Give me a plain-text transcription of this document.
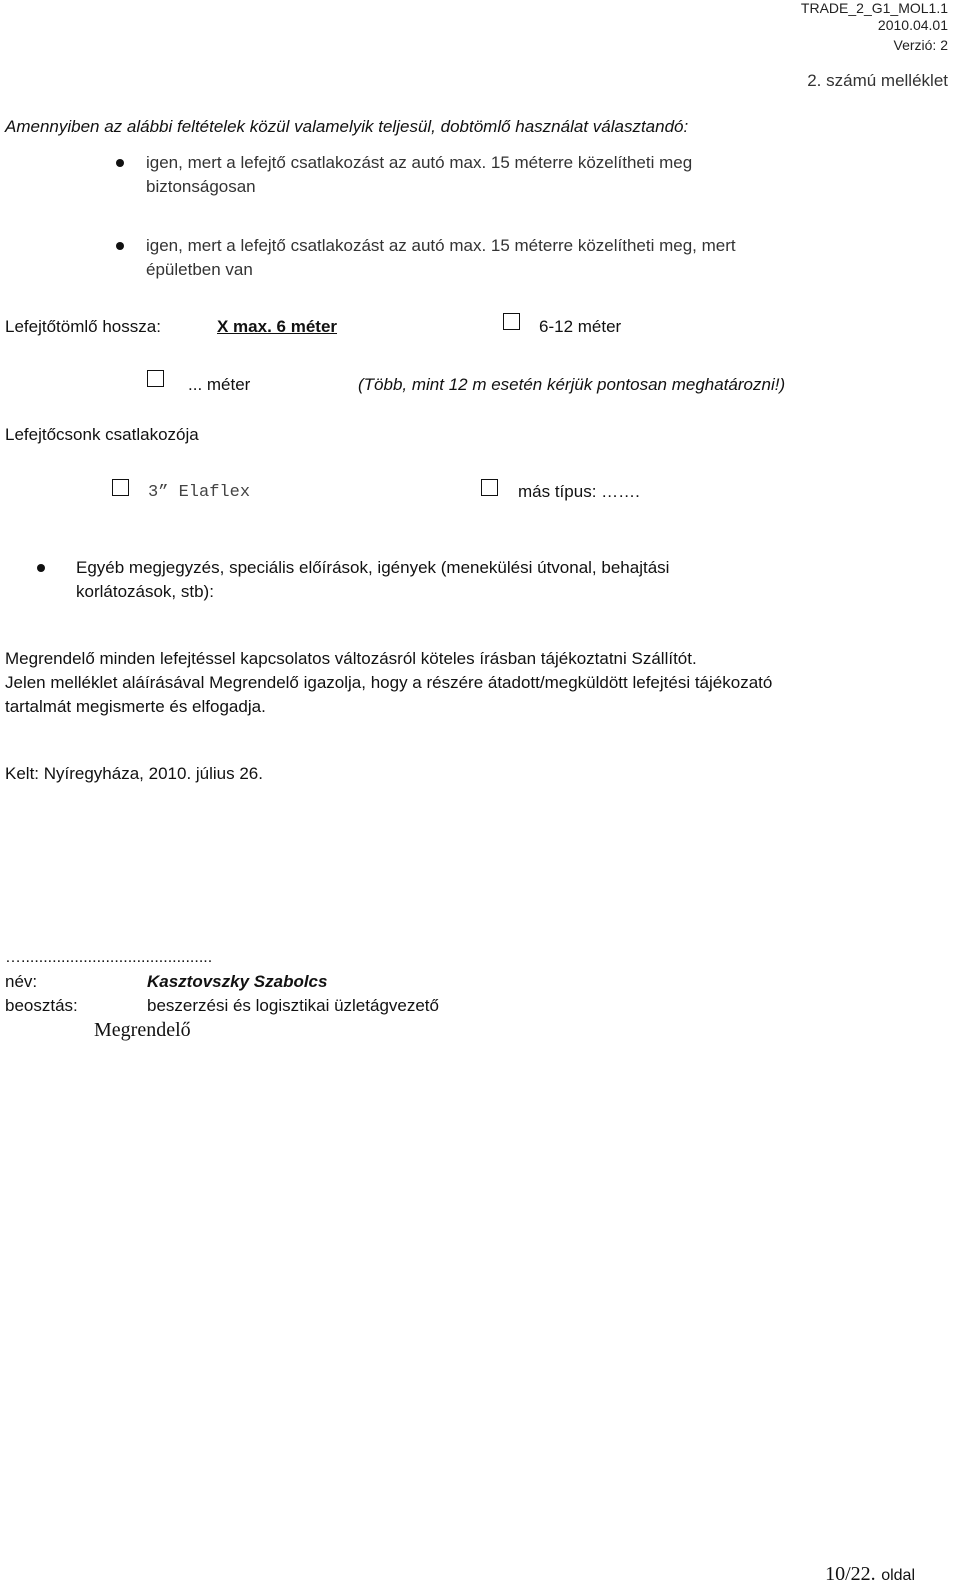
TRADE_2_G1_MOL1.1
2010.04.01
Verzió: 2
2. számú melléklet
Amennyiben az alábbi feltételek közül valamelyik teljesül, dobtömlő használat választandó:
igen, mert a lefejtő csatlakozást az autó max. 15 méterre közelítheti meg
biztonságosan
igen, mert a lefejtő csatlakozást az autó max. 15 méterre közelítheti meg, mert
épületben van
Lefejtőtömlő hossza:	X max. 6 méter	6-12 méter
... méter	(Több, mint 12 m esetén kérjük pontosan meghatározni!)
Lefejtőcsonk csatlakozója
3” Elaflex	más típus: …….
Egyéb megjegyzés, speciális előírások, igények (menekülési útvonal, behajtási
korlátozások, stb):
Megrendelő minden lefejtéssel kapcsolatos változásról köteles írásban tájékoztatni Szállítót.
Jelen melléklet aláírásával Megrendelő igazolja, hogy a részére átadott/megküldött lefejtési tájékozató
tartalmát megismerte és elfogadja.
Kelt: Nyíregyháza, 2010. július 26.
…...........................................
név:	Kasztovszky Szabolcs
beosztás:	beszerzési és logisztikai üzletágvezető
Megrendelő
10/22. oldal
